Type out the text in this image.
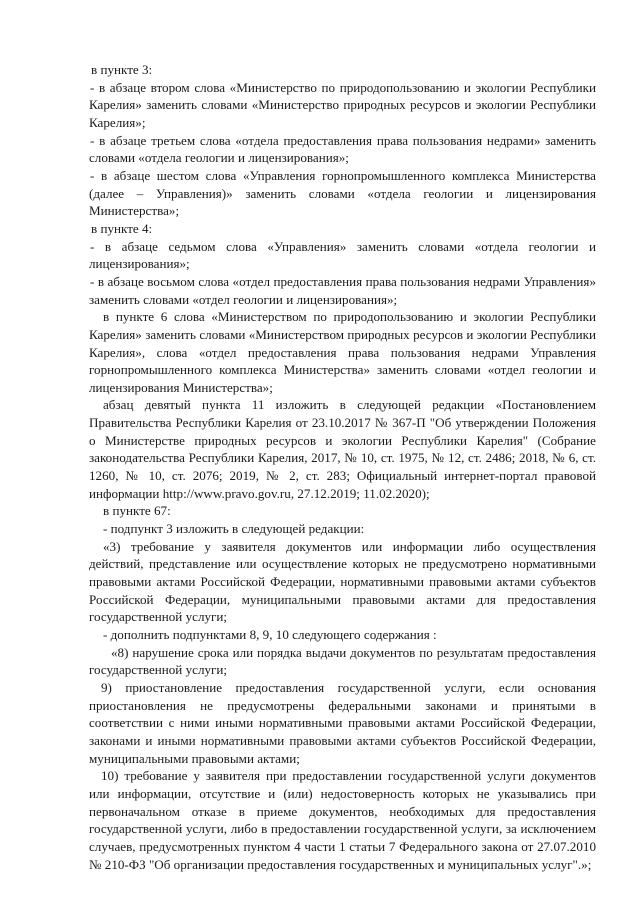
в пункте 3:

- в абзаце втором слова «Министерство по природопользованию и экологии Республики Карелия» заменить словами «Министерство природных ресурсов и экологии Республики Карелия»;

- в абзаце третьем слова «отдела предоставления права пользования недрами» заменить словами «отдела геологии и лицензирования»;

- в абзаце шестом слова «Управления горнопромышленного комплекса Министерства (далее – Управления)» заменить словами «отдела геологии и лицензирования Министерства»;

в пункте 4:

- в абзаце седьмом слова «Управления» заменить словами «отдела геологии и лицензирования»;

- в абзаце восьмом слова «отдел предоставления права пользования недрами Управления» заменить словами «отдел геологии и лицензирования»;

в пункте 6 слова «Министерством по природопользованию и экологии Республики Карелия» заменить словами «Министерством природных ресурсов и экологии Республики Карелия», слова «отдел предоставления права пользования недрами Управления горнопромышленного комплекса Министерства» заменить словами «отдел геологии и лицензирования Министерства»;

абзац девятый пункта 11 изложить в следующей редакции «Постановлением Правительства Республики Карелия от 23.10.2017 № 367-П "Об утверждении Положения о Министерстве природных ресурсов и экологии Республики Карелия" (Собрание законодательства Республики Карелия, 2017, № 10, ст. 1975, № 12, ст. 2486; 2018, № 6, ст. 1260, № 10, ст. 2076; 2019, № 2, ст. 283; Официальный интернет-портал правовой информации http://www.pravo.gov.ru, 27.12.2019; 11.02.2020);

в пункте 67:

- подпункт 3 изложить в следующей редакции:

«3) требование у заявителя документов или информации либо осуществления действий, представление или осуществление которых не предусмотрено нормативными правовыми актами Российской Федерации, нормативными правовыми актами субъектов Российской Федерации, муниципальными правовыми актами для предоставления государственной услуги;

- дополнить подпунктами 8, 9, 10 следующего содержания :

«8) нарушение срока или порядка выдачи документов по результатам предоставления государственной услуги;

9) приостановление предоставления государственной услуги, если основания приостановления не предусмотрены федеральными законами и принятыми в соответствии с ними иными нормативными правовыми актами Российской Федерации, законами и иными нормативными правовыми актами субъектов Российской Федерации, муниципальными правовыми актами;

10) требование у заявителя при предоставлении государственной услуги документов или информации, отсутствие и (или) недостоверность которых не указывались при первоначальном отказе в приеме документов, необходимых для предоставления государственной услуги, либо в предоставлении государственной услуги, за исключением случаев, предусмотренных пунктом 4 части 1 статьи 7 Федерального закона от 27.07.2010 № 210-ФЗ "Об организации предоставления государственных и муниципальных услуг".»;
